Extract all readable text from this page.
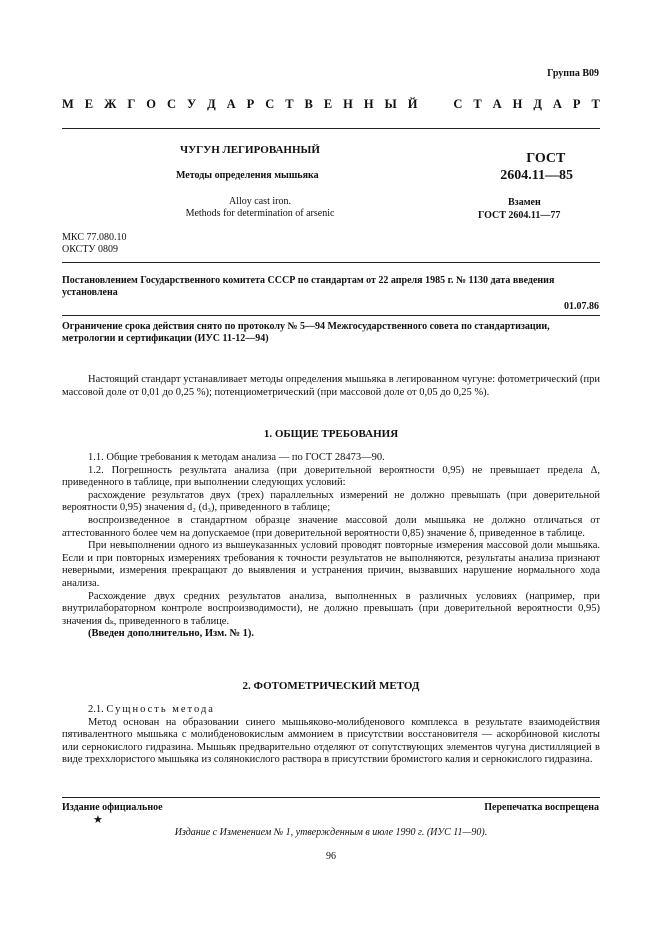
Группа В09
М Е Ж Г О С У Д А Р С Т В Е Н Н Ы Й	С Т А Н Д А Р Т
ЧУГУН ЛЕГИРОВАННЫЙ
Методы определения мышьяка
Alloy cast iron.
Methods for determination of arsenic
ГОСТ
2604.11—85
Взамен
ГОСТ 2604.11—77
МКС 77.080.10
ОКСТУ 0809
Постановлением Государственного комитета СССР по стандартам от 22 апреля 1985 г. № 1130 дата введения установлена
01.07.86
Ограничение срока действия снято по протоколу № 5—94 Межгосударственного совета по стандартизации, метрологии и сертификации (ИУС 11-12—94)

Настоящий стандарт устанавливает методы определения мышьяка в легированном чугуне: фотометрический (при массовой доле от 0,01 до 0,25 %); потенциометрический (при массовой доле от 0,05 до 0,25 %).

1. ОБЩИЕ ТРЕБОВАНИЯ

1.1. Общие требования к методам анализа — по ГОСТ 28473—90.

1.2. Погрешность результата анализа (при доверительной вероятности 0,95) не превышает предела Δ, приведенного в таблице, при выполнении следующих условий:

расхождение результатов двух (трех) параллельных измерений не должно превышать (при доверительной вероятности 0,95) значения d₂ (d₃), приведенного в таблице;

воспроизведенное в стандартном образце значение массовой доли мышьяка не должно отличаться от аттестованного более чем на допускаемое (при доверительной вероятности 0,85) значение δ, приведенное в таблице.

При невыполнении одного из вышеуказанных условий проводят повторные измерения массовой доли мышьяка. Если и при повторных измерениях требования к точности результатов не выполняются, результаты анализа признают неверными, измерения прекращают до выявления и устранения причин, вызвавших нарушение нормального хода анализа.

Расхождение двух средних результатов анализа, выполненных в различных условиях (например, при внутрилабораторном контроле воспроизводимости), не должно превышать (при доверительной вероятности 0,95) значения dₖ, приведенного в таблице.

(Введен дополнительно, Изм. № 1).

2. ФОТОМЕТРИЧЕСКИЙ МЕТОД

2.1. Сущность метода

Метод основан на образовании синего мышьяково-молибденового комплекса в результате взаимодействия пятивалентного мышьяка с молибденовокислым аммонием в присутствии восстановителя — аскорбиновой кислоты или сернокислого гидразина. Мышьяк предварительно отделяют от сопутствующих элементов чугуна дистилляцией в виде треххлористого мышьяка из солянокислого раствора в присутствии бромистого калия и сернокислого гидразина.

Издание официальное	Перепечатка воспрещена
★
Издание с Изменением № 1, утвержденным в июле 1990 г. (ИУС 11—90).
96
